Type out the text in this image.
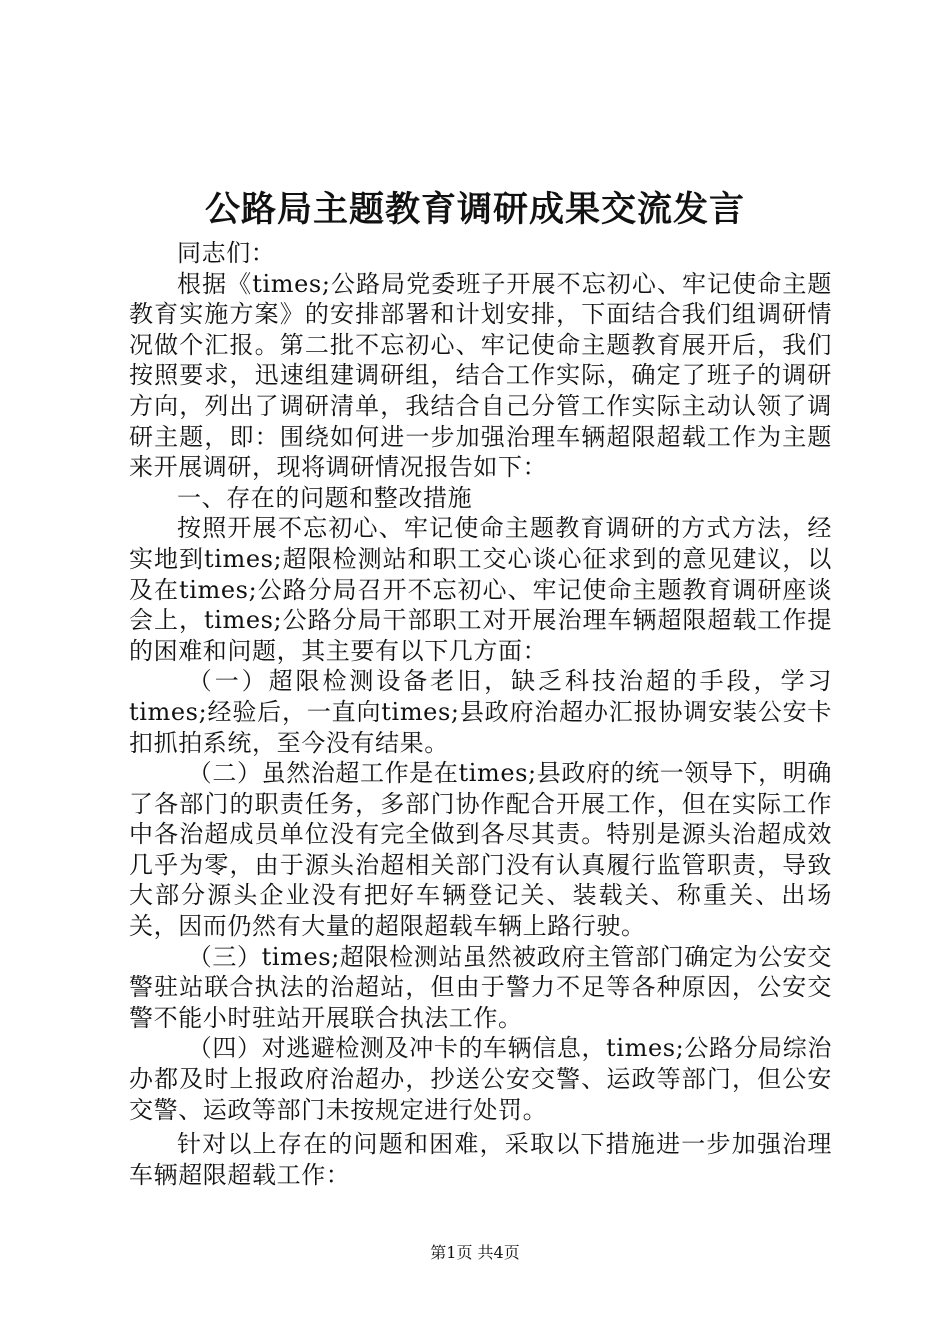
公路局主题教育调研成果交流发言

同志们：

根据《times;公路局党委班子开展不忘初心、牢记使命主题教育实施方案》的安排部署和计划安排，下面结合我们组调研情况做个汇报。第二批不忘初心、牢记使命主题教育展开后，我们按照要求，迅速组建调研组，结合工作实际，确定了班子的调研方向，列出了调研清单，我结合自己分管工作实际主动认领了调研主题，即：围绕如何进一步加强治理车辆超限超载工作为主题来开展调研，现将调研情况报告如下：

一、存在的问题和整改措施

按照开展不忘初心、牢记使命主题教育调研的方式方法，经实地到times;超限检测站和职工交心谈心征求到的意见建议，以及在times;公路分局召开不忘初心、牢记使命主题教育调研座谈会上，times;公路分局干部职工对开展治理车辆超限超载工作提的困难和问题，其主要有以下几方面：

（一）超限检测设备老旧，缺乏科技治超的手段，学习times;经验后，一直向times;县政府治超办汇报协调安装公安卡扣抓拍系统，至今没有结果。

（二）虽然治超工作是在times;县政府的统一领导下，明确了各部门的职责任务，多部门协作配合开展工作，但在实际工作中各治超成员单位没有完全做到各尽其责。特别是源头治超成效几乎为零，由于源头治超相关部门没有认真履行监管职责，导致大部分源头企业没有把好车辆登记关、装载关、称重关、出场关，因而仍然有大量的超限超载车辆上路行驶。

（三）times;超限检测站虽然被政府主管部门确定为公安交警驻站联合执法的治超站，但由于警力不足等各种原因，公安交警不能小时驻站开展联合执法工作。

（四）对逃避检测及冲卡的车辆信息，times;公路分局综治办都及时上报政府治超办，抄送公安交警、运政等部门，但公安交警、运政等部门未按规定进行处罚。

针对以上存在的问题和困难，采取以下措施进一步加强治理车辆超限超载工作：

第1页 共4页
